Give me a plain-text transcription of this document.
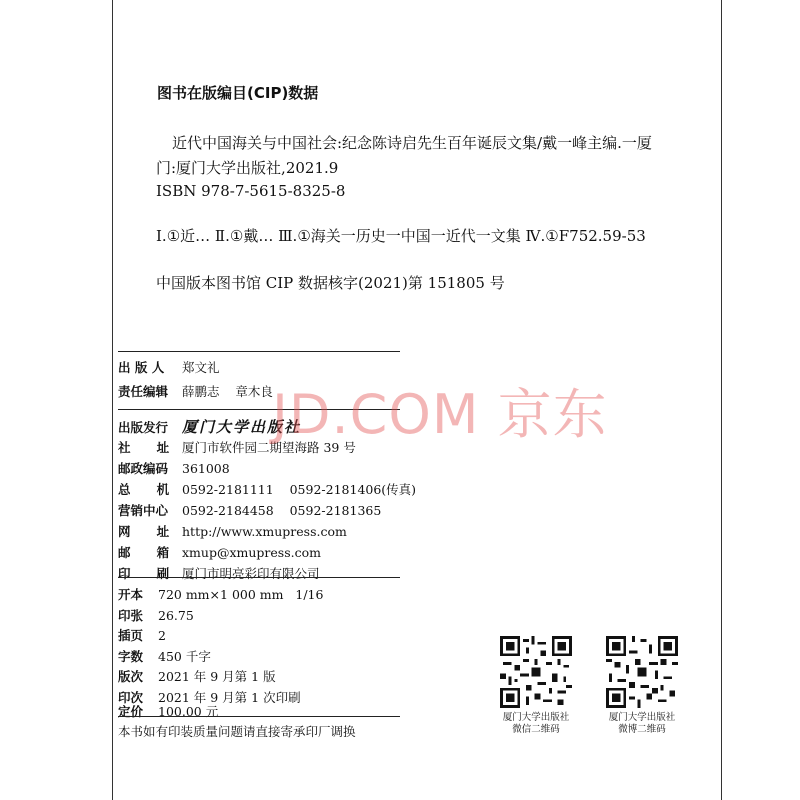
图书在版编目(CIP)数据
近代中国海关与中国社会:纪念陈诗启先生百年诞辰文集/戴一峰主编.一厦
门:厦门大学出版社,2021.9
ISBN 978-7-5615-8325-8
Ⅰ.①近… Ⅱ.①戴… Ⅲ.①海关一历史一中国一近代一文集 Ⅳ.①F752.59-53
中国版本图书馆 CIP 数据核字(2021)第 151805 号
出 版 人 郑文礼
责任编辑 薛鹏志    章木良
出版发行 厦门大学出版社
社      址 厦门市软件园二期望海路 39 号
邮政编码 361008
总      机 0592-2181111    0592-2181406(传真)
营销中心 0592-2184458    0592-2181365
网      址 http://www.xmupress.com
邮      箱 xmup@xmupress.com
印      刷 厦门市明亮彩印有限公司
开本 720 mm×1 000 mm   1/16
印张 26.75
插页 2
字数 450 千字
版次 2021 年 9 月第 1 版
印次 2021 年 9 月第 1 次印刷
定价 100.00 元
本书如有印装质量问题请直接寄承印厂调换
JD.COM 京东
厦门大学出版社
微信二维码
厦门大学出版社
微博二维码
